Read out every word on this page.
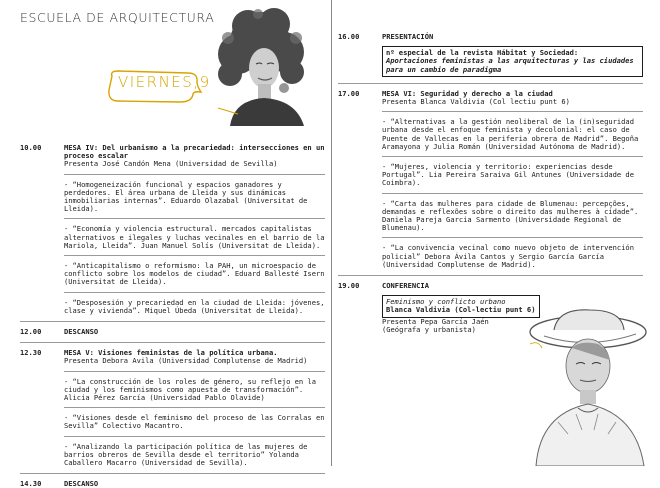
ESCUELA DE ARQUITECTURA
VIERNES,9
10.00	MESA IV: Del urbanismo a la precariedad: intersecciones en un proceso escalar
Presenta José Candón Mena (Universidad de Sevilla)
- “Homogeneización funcional y espacios ganadores y perdedores. El área urbana de Lleida y sus dinámicas inmobiliarias internas”. Eduardo Olazabal (Universitat de Lleida).
- “Economía y violencia estructural. mercados capitalistas alternativos e ilegales y luchas vecinales en el barrio de la Mariola, Lleida”. Juan Manuel Solís (Universitat de Lleida).
- “Anticapitalismo o reformismo: la PAH, un microespacio de conflicto sobre los modelos de ciudad”. Eduard Ballesté Isern (Universitat de Lleida).
- “Desposesión y precariedad en la ciudad de Lleida: jóvenes, clase y vivienda”. Miquel Úbeda (Universitat de Lleida).
12.00	DESCANSO
12.30	MESA V: Visiones feministas de la política urbana.
Presenta Debora Avila (Universidad Complutense de Madrid)
- “La construcción de los roles de género, su reflejo en la ciudad y los feminismos como apuesta de transformación”. Alicia Pérez García (Universidad Pablo Olavide)
- “Visiones desde el feminismo del proceso de las Corralas en Sevilla” Colectivo Macantro.
- “Analizando la participación política de las mujeres de barrios obreros de Sevilla desde el territorio” Yolanda Caballero Macarro (Universidad de Sevilla).
14.30	DESCANSO
16.00	PRESENTACIÓN
nº especial de la revista Hábitat y Sociedad:
Aportaciones feministas a las arquitecturas y las ciudades para un cambio de paradigma
17.00	MESA VI: Seguridad y derecho a la ciudad
Presenta Blanca Valdivia (Col lectiu punt 6)
- “Alternativas a la gestión neoliberal de la (in)seguridad urbana desde el enfoque feminista y decolonial: el caso de Puente de Vallecas en la periferia obrera de Madrid”. Begoña Aramayona y Julia Román (Universidad Autónoma de Madrid).
- “Mujeres, violencia y territorio: experiencias desde Portugal”. Lia Pereira Saraiva Gil Antunes (Universidade de Coimbra).
- “Carta das mulheres para cidade de Blumenau: percepções, demandas e reflexões sobre o direito das mulheres à cidade”. Daniela Pareja Garcia Sarmento (Universidade Regional de Blumenau).
- “La convivencia vecinal como nuevo objeto de intervención policial” Debora Ávila Cantos y Sergio García García (Universidad Complutense de Madrid).
19.00	CONFERENCIA
Feminismo y conflicto urbano
Blanca Valdivia (Col-lectiu punt 6)
Presenta Pepa García Jaén
(Geógrafa y urbanista)
